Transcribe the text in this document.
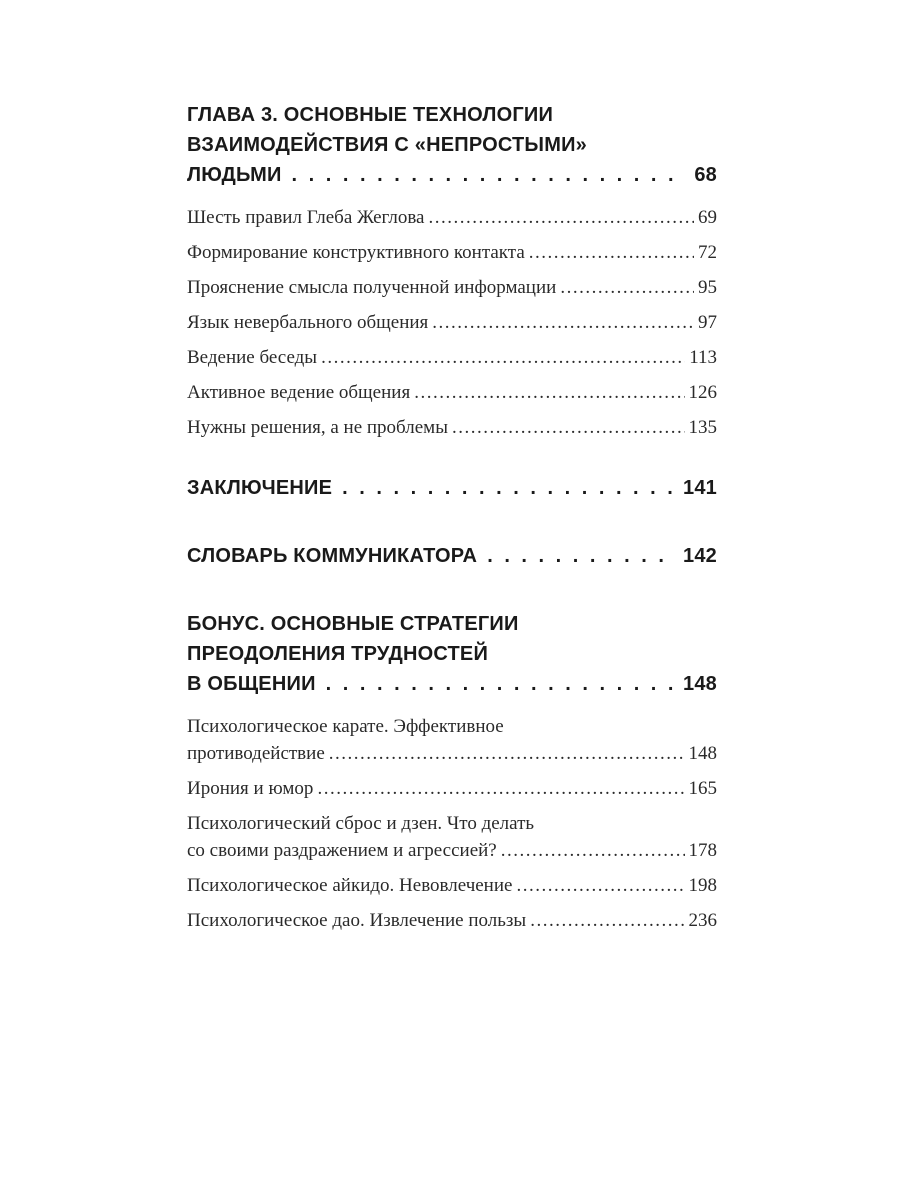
ГЛАВА 3. ОСНОВНЫЕ ТЕХНОЛОГИИ
ВЗАИМОДЕЙСТВИЯ С «НЕПРОСТЫМИ»
ЛЮДЬМИ . . .	68
Шесть правил Глеба Жеглова .....	69
Формирование конструктивного контакта .....	72
Прояснение смысла полученной информации .....	95
Язык невербального общения .....	97
Ведение беседы .....	113
Активное ведение общения .....	126
Нужны решения, а не проблемы .....	135
ЗАКЛЮЧЕНИЕ . . .	141
СЛОВАРЬ КОММУНИКАТОРА . . .	142
БОНУС. ОСНОВНЫЕ СТРАТЕГИИ
ПРЕОДОЛЕНИЯ ТРУДНОСТЕЙ
В ОБЩЕНИИ . . .	148
Психологическое карате. Эффективное
противодействие .....	148
Ирония и юмор .....	165
Психологический сброс и дзен. Что делать
со своими раздражением и агрессией? .....	178
Психологическое айкидо. Невовлечение .....	198
Психологическое дао. Извлечение пользы .....	236
